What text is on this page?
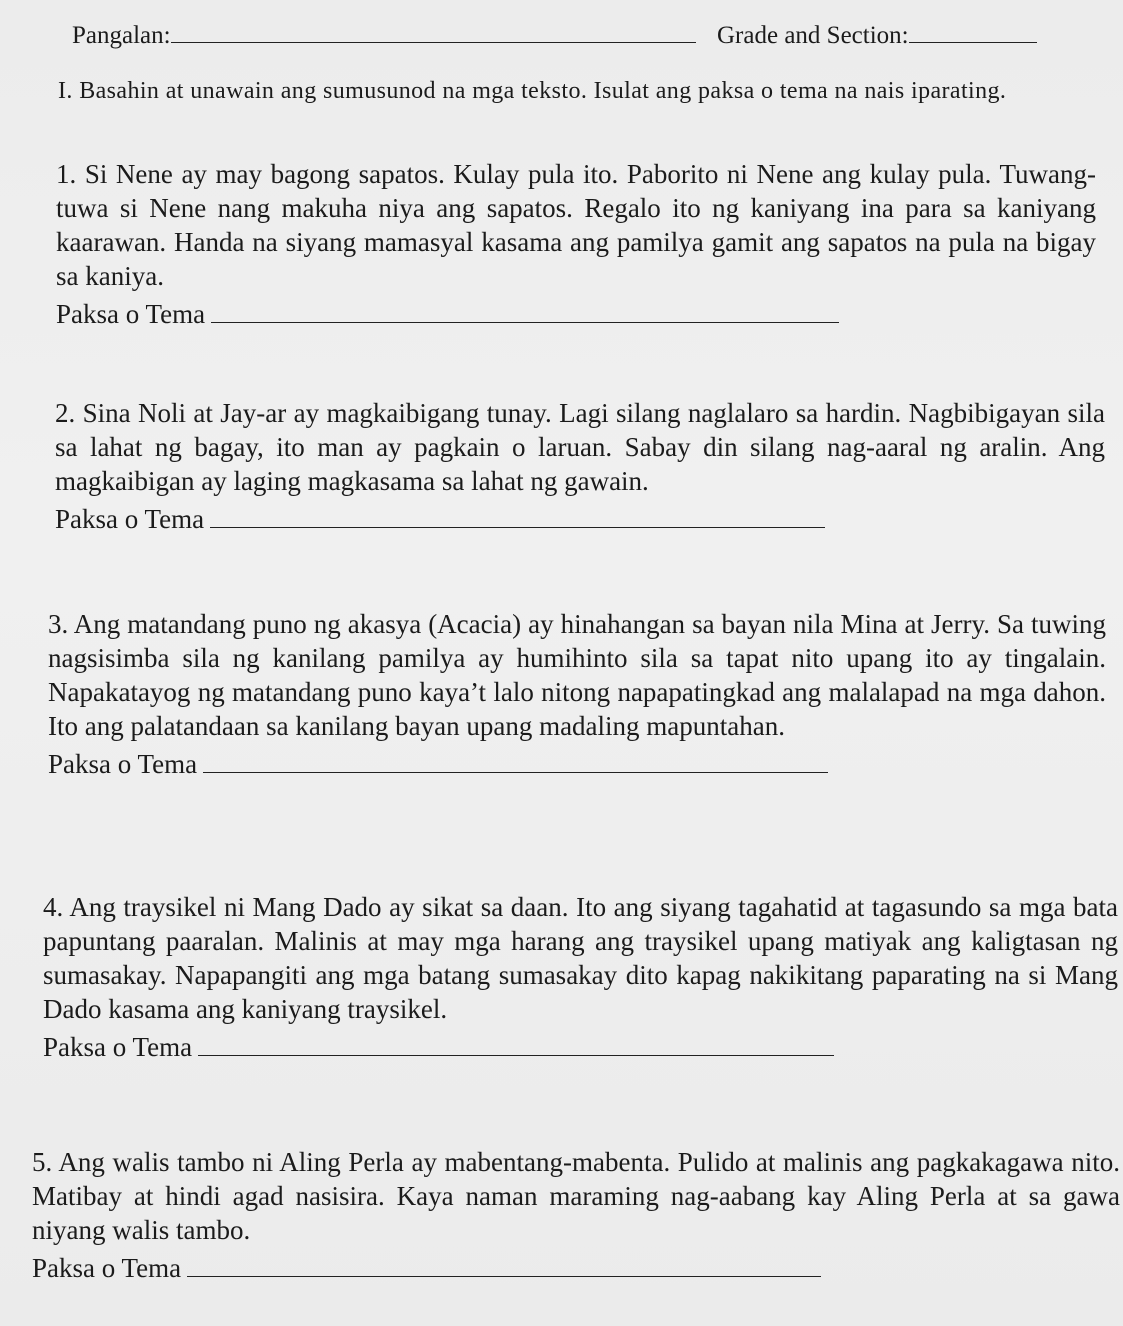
Pangalan:	Grade and Section:
I. Basahin at unawain ang sumusunod na mga teksto. Isulat ang paksa o tema na nais iparating.

1. Si Nene ay may bagong sapatos. Kulay pula ito. Paborito ni Nene ang kulay pula. Tuwang-tuwa si Nene nang makuha niya ang sapatos. Regalo ito ng kaniyang ina para sa kaniyang kaarawan. Handa na siyang mamasyal kasama ang pamilya gamit ang sapatos na pula na bigay sa kaniya.

Paksa o Tema

2. Sina Noli at Jay-ar ay magkaibigang tunay. Lagi silang naglalaro sa hardin. Nagbibigayan sila sa lahat ng bagay, ito man ay pagkain o laruan. Sabay din silang nag-aaral ng aralin. Ang magkaibigan ay laging magkasama sa lahat ng gawain.

Paksa o Tema

3. Ang matandang puno ng akasya (Acacia) ay hinahangan sa bayan nila Mina at Jerry. Sa tuwing nagsisimba sila ng kanilang pamilya ay humihinto sila sa tapat nito upang ito ay tingalain. Napakatayog ng matandang puno kaya’t lalo nitong napapatingkad ang malalapad na mga dahon. Ito ang palatandaan sa kanilang bayan upang madaling mapuntahan.

Paksa o Tema

4. Ang traysikel ni Mang Dado ay sikat sa daan. Ito ang siyang tagahatid at tagasundo sa mga bata papuntang paaralan. Malinis at may mga harang ang traysikel upang matiyak ang kaligtasan ng sumasakay. Napapangiti ang mga batang sumasakay dito kapag nakikitang paparating na si Mang Dado kasama ang kaniyang traysikel.

Paksa o Tema

5. Ang walis tambo ni Aling Perla ay mabentang-mabenta. Pulido at malinis ang pagkakagawa nito. Matibay at hindi agad nasisira. Kaya naman maraming nag-aabang kay Aling Perla at sa gawa niyang walis tambo.

Paksa o Tema
